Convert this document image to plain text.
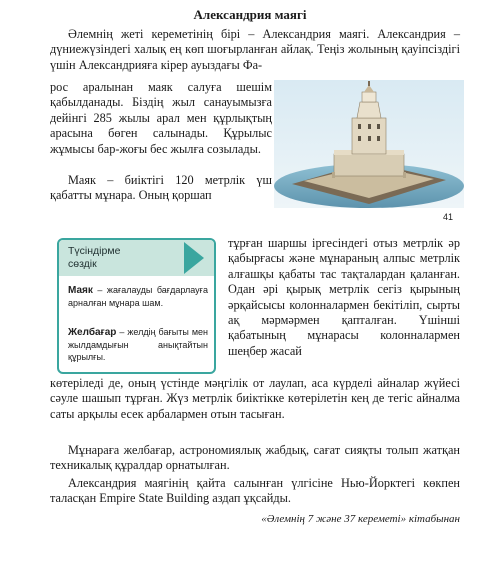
Александрия маягі

Әлемнің жеті кереметінің бірі – Александрия маягі. Александрия – дүниежүзіндегі халық ең көп шоғырланған айлақ. Теңіз жолының қауіпсіздігі үшін Александрияға кірер ауыздағы Фа-

рос аралынан маяк салуға шешім қабылданады. Біздің жыл санауымызға дейінгі 285 жылы арал мен құрлықтың арасына бөген салынады. Құрылыс жұмысы бар-жоғы бес жылға созылады.

Маяк – биіктігі 120 метрлік үш қабатты мұнара. Оның қоршап

41
Түсіндірме сөздік
Маяк – жағалауды бағдарлауға арналған мұнара шам.
Желбағар – желдің бағыты мен жылдамдығын анықтайтын құрылғы.

тұрған шаршы іргесіндегі отыз метрлік әр қабырғасы және мұнараның алпыс метрлік алғашқы қабаты тас тақталардан қаланған. Одан әрі қырық метрлік сегіз қырының әрқайсысы колонналармен бекітіліп, сырты ақ мәрмәрмен қапталған. Үшінші қабатының мұнарасы колонналармен шеңбер жасай

көтеріледі де, оның үстінде мәңгілік от лаулап, аса күрделі айналар жүйесі сәуле шашып тұрған. Жүз метрлік биіктікке көтерілетін кең де тегіс айналма саты арқылы есек арбалармен отын тасыған.

Мұнараға желбағар, астрономиялық жабдық, сағат сияқты толып жатқан техникалық құралдар орнатылған.

Александрия маягінің қайта салынған үлгісіне Нью-Йорктегі көкпен таласқан Empire State Building аздап ұқсайды.

«Әлемнің 7 және 37 кереметі» кітабынан
